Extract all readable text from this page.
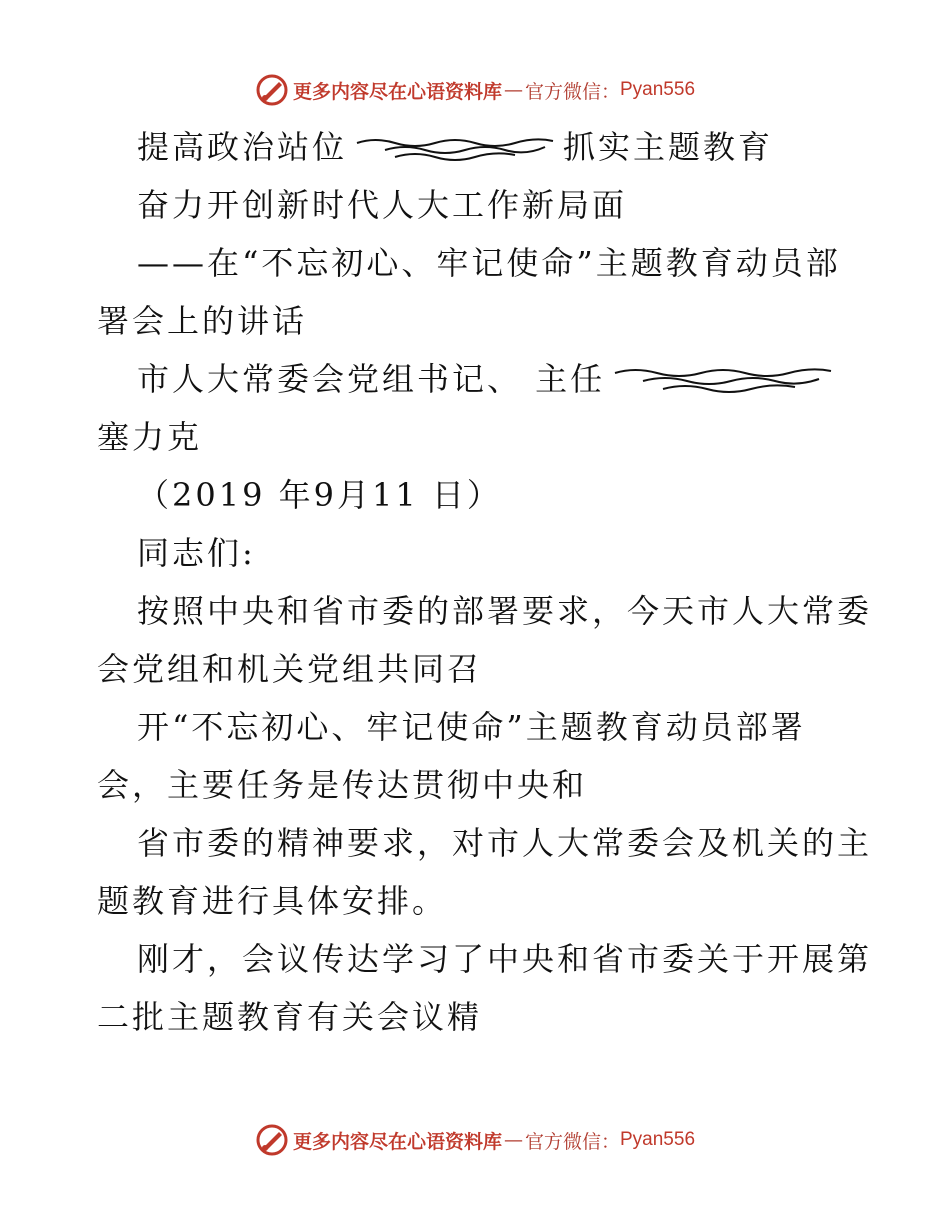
更多内容尽在心语资料库 — 官方微信： Pyan556
提高政治站位	抓实主题教育
奋力开创新时代人大工作新局面
——在“不忘初心、牢记使命”主题教育动员部
署会上的讲话
市人大常委会党组书记、 主任
塞力克
（2019 年9月11 日）
同志们:
按照中央和省市委的部署要求，今天市人大常委
会党组和机关党组共同召
开“不忘初心、牢记使命”主题教育动员部署
会，主要任务是传达贯彻中央和
省市委的精神要求，对市人大常委会及机关的主
题教育进行具体安排。
刚才，会议传达学习了中央和省市委关于开展第
二批主题教育有关会议精
更多内容尽在心语资料库 — 官方微信： Pyan556
